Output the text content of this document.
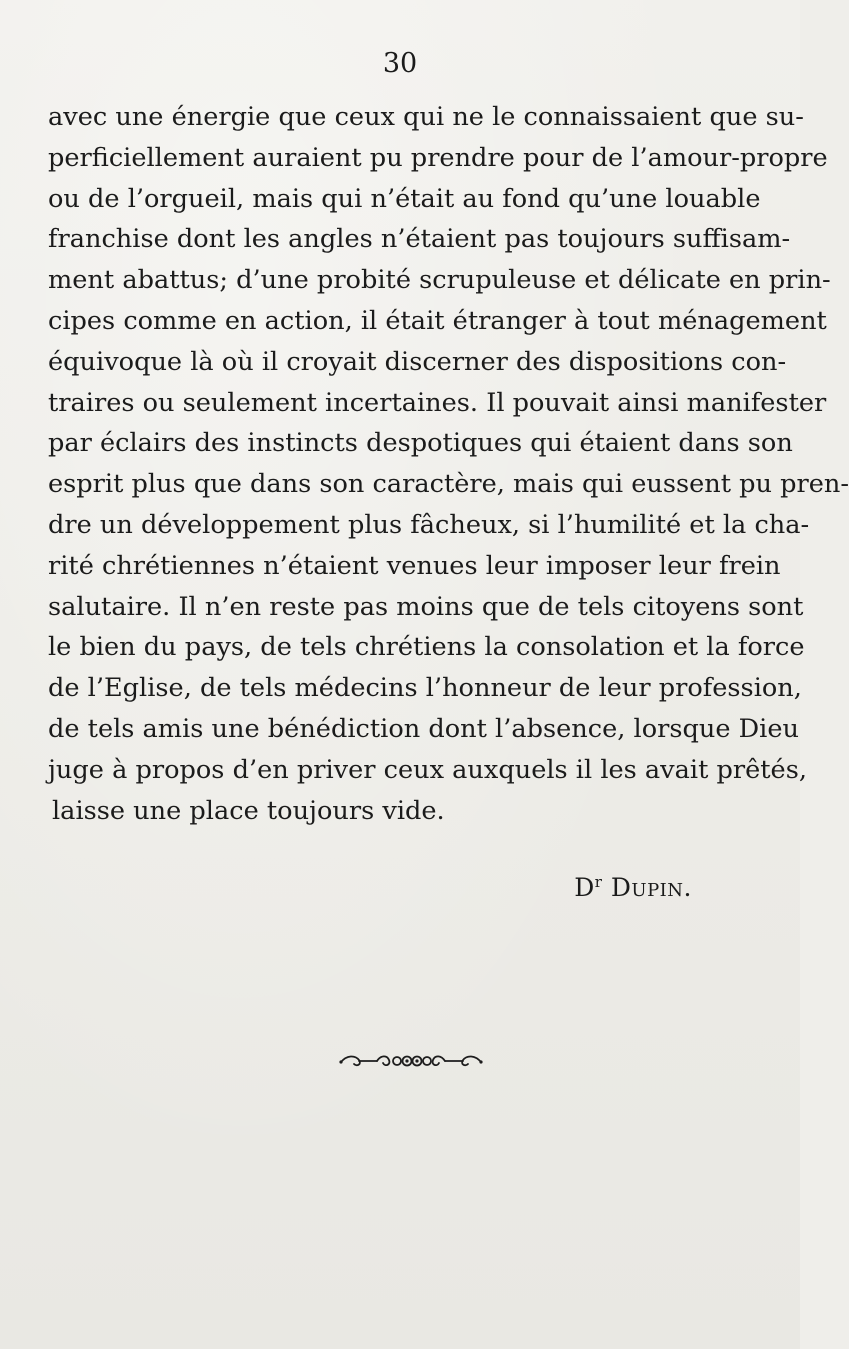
30
avec une énergie que ceux qui ne le connaissaient que su-
perficiellement auraient pu prendre pour de l’amour-propre
ou de l’orgueil, mais qui n’était au fond qu’une louable
franchise dont les angles n’étaient pas toujours suffisam-
ment abattus; d’une probité scrupuleuse et délicate en prin-
cipes comme en action, il était étranger à tout ménagement
équivoque là où il croyait discerner des dispositions con-
traires ou seulement incertaines. Il pouvait ainsi manifester
par éclairs des instincts despotiques qui étaient dans son
esprit plus que dans son caractère, mais qui eussent pu pren-
dre un développement plus fâcheux, si l’humilité et la cha-
rité chrétiennes n’étaient venues leur imposer leur frein
salutaire. Il n’en reste pas moins que de tels citoyens sont
le bien du pays, de tels chrétiens la consolation et la force
de l’Eglise, de tels médecins l’honneur de leur profession,
de tels amis une bénédiction dont l’absence, lorsque Dieu
juge à propos d’en priver ceux auxquels il les avait prêtés,
laisse une place toujours vide.
$D^r$ Dupin.
